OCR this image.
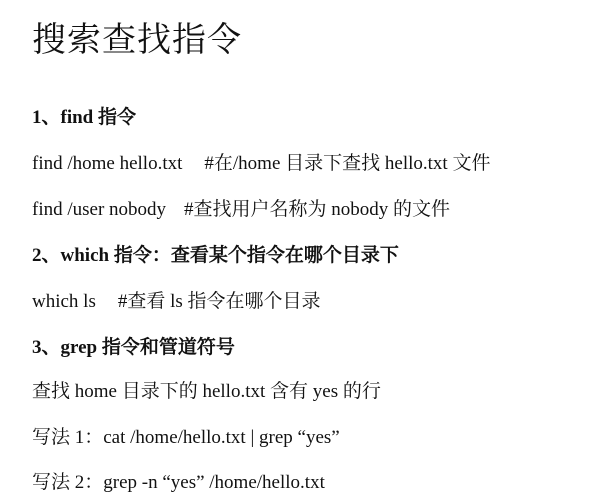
搜索查找指令

1、find 指令

find /home hello.txt #在/home 目录下查找 hello.txt 文件

find /user nobody #查找用户名称为 nobody 的文件

2、which 指令：查看某个指令在哪个目录下

which ls #查看 ls 指令在哪个目录

3、grep 指令和管道符号

查找 home 目录下的 hello.txt 含有 yes 的行

写法 1：cat /home/hello.txt | grep “yes”

写法 2：grep -n “yes” /home/hello.txt
